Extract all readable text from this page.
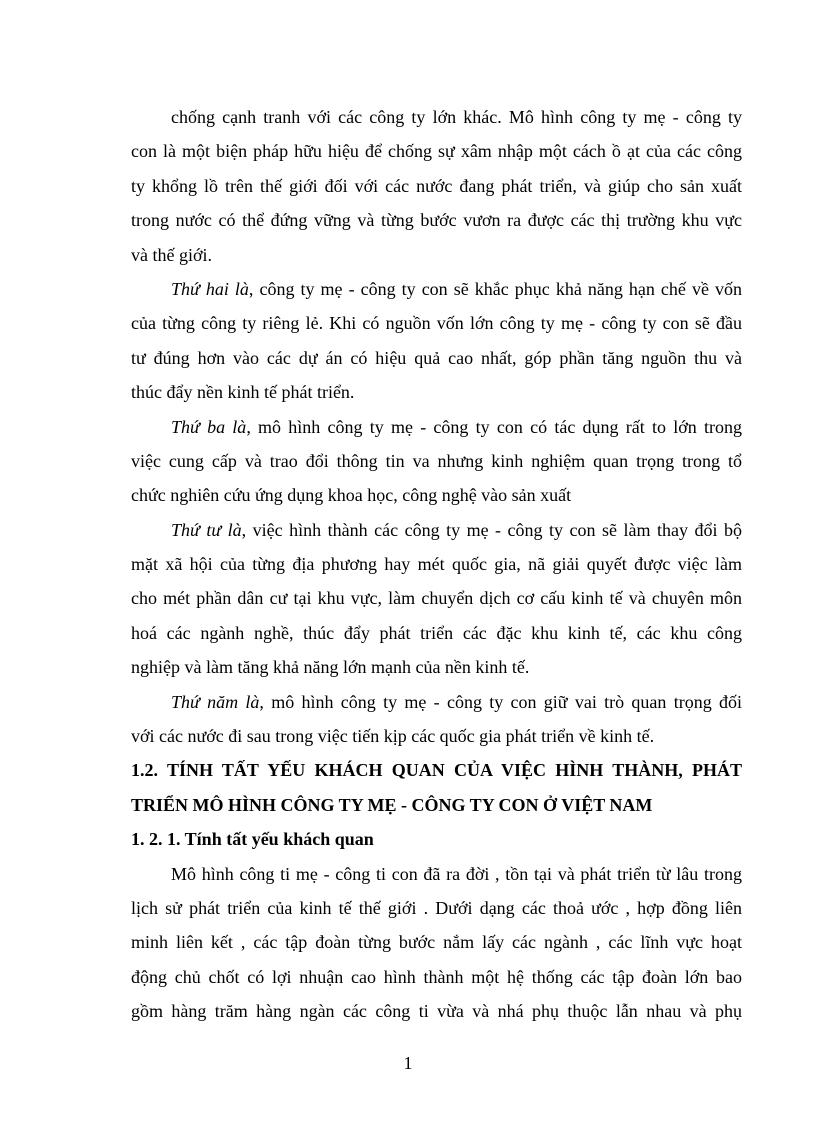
chống cạnh tranh với các công ty lớn khác. Mô hình công ty mẹ - công ty
con là một biện pháp hữu hiệu để chống sự xâm nhập một cách ồ ạt của các công
ty khổng lồ trên thế giới đối với các nước đang phát triển, và giúp cho sản xuất
trong nước có thể đứng vững và từng bước vươn ra được các thị trường khu vực
và thế giới.
Thứ hai là, công ty mẹ - công ty con sẽ khắc phục khả năng hạn chế về vốn
của từng công ty riêng lẻ. Khi có nguồn vốn lớn công ty mẹ - công ty con sẽ đầu
tư đúng hơn vào các dự án có hiệu quả cao nhất, góp phần tăng nguồn thu và
thúc đẩy nền kinh tế phát triển.
Thứ ba là, mô hình công ty mẹ - công ty con có tác dụng rất to lớn trong
việc cung cấp và trao đổi thông tin va nhưng kinh nghiệm quan trọng trong tổ
chức nghiên cứu ứng dụng khoa học, công nghệ vào sản xuất
Thứ tư là, việc hình thành các công ty mẹ - công ty con sẽ làm thay đổi bộ
mặt xã hội của từng địa phương hay mét quốc gia, nã giải quyết được việc làm
cho mét phần dân cư tại khu vực, làm chuyển dịch cơ cấu kinh tế và chuyên môn
hoá các ngành nghề, thúc đẩy phát triển các đặc khu kinh tế, các khu công
nghiệp và làm tăng khả năng lớn mạnh của nền kinh tế.
Thứ năm là, mô hình công ty mẹ - công ty con giữ vai trò quan trọng đối
với các nước đi sau trong việc tiến kịp các quốc gia phát triển về kinh tế.
1.2. TÍNH TẤT YẾU KHÁCH QUAN CỦA VIỆC HÌNH THÀNH, PHÁT
TRIỂN MÔ HÌNH CÔNG TY MẸ - CÔNG TY CON Ở VIỆT NAM
1. 2. 1. Tính tất yếu khách quan
Mô hình công ti mẹ - công ti con đã ra đời , tồn tại và phát triển từ lâu trong
lịch sử phát triển của kinh tế thế giới . Dưới dạng các thoả ước , hợp đồng liên
minh liên kết , các tập đoàn từng bước nắm lấy các ngành , các lĩnh vực hoạt
động chủ chốt có lợi nhuận cao hình thành một hệ thống các tập đoàn lớn bao
gồm hàng trăm hàng ngàn các công ti vừa và nhá phụ thuộc lẫn nhau và phụ
1
